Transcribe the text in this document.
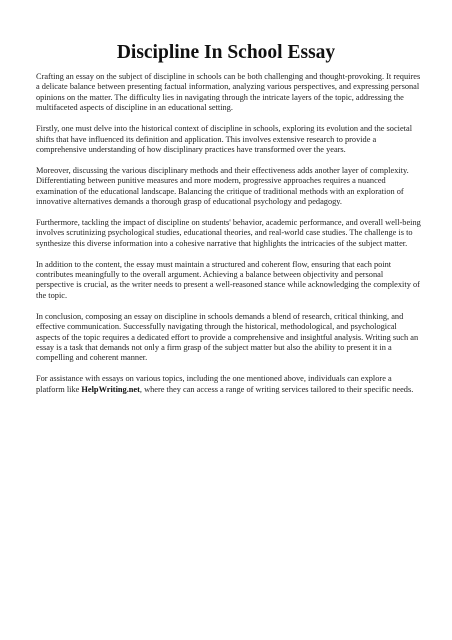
Discipline In School Essay

Crafting an essay on the subject of discipline in schools can be both challenging and thought-provoking. It requires a delicate balance between presenting factual information, analyzing various perspectives, and expressing personal opinions on the matter. The difficulty lies in navigating through the intricate layers of the topic, addressing the multifaceted aspects of discipline in an educational setting.

Firstly, one must delve into the historical context of discipline in schools, exploring its evolution and the societal shifts that have influenced its definition and application. This involves extensive research to provide a comprehensive understanding of how disciplinary practices have transformed over the years.

Moreover, discussing the various disciplinary methods and their effectiveness adds another layer of complexity. Differentiating between punitive measures and more modern, progressive approaches requires a nuanced examination of the educational landscape. Balancing the critique of traditional methods with an exploration of innovative alternatives demands a thorough grasp of educational psychology and pedagogy.

Furthermore, tackling the impact of discipline on students' behavior, academic performance, and overall well-being involves scrutinizing psychological studies, educational theories, and real-world case studies. The challenge is to synthesize this diverse information into a cohesive narrative that highlights the intricacies of the subject matter.

In addition to the content, the essay must maintain a structured and coherent flow, ensuring that each point contributes meaningfully to the overall argument. Achieving a balance between objectivity and personal perspective is crucial, as the writer needs to present a well-reasoned stance while acknowledging the complexity of the topic.

In conclusion, composing an essay on discipline in schools demands a blend of research, critical thinking, and effective communication. Successfully navigating through the historical, methodological, and psychological aspects of the topic requires a dedicated effort to provide a comprehensive and insightful analysis. Writing such an essay is a task that demands not only a firm grasp of the subject matter but also the ability to present it in a compelling and coherent manner.

For assistance with essays on various topics, including the one mentioned above, individuals can explore a platform like HelpWriting.net, where they can access a range of writing services tailored to their specific needs.
